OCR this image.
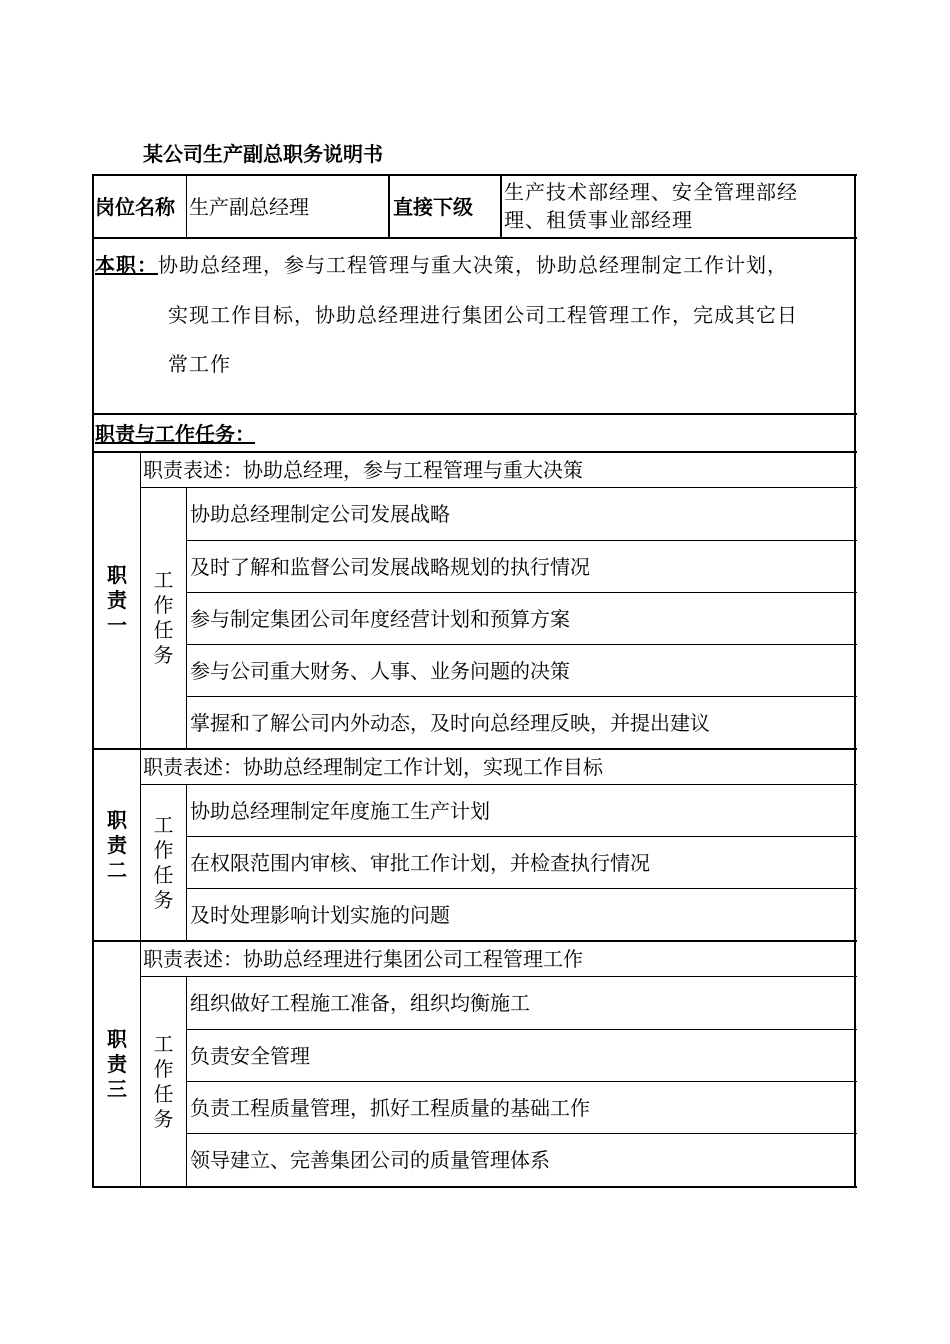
某公司生产副总职务说明书
岗位名称 生产副总经理	直接下级
生产技术部经理、安全管理部经
理、租赁事业部经理
本职：协助总经理，参与工程管理与重大决策，协助总经理制定工作计划，
实现工作目标，协助总经理进行集团公司工程管理工作，完成其它日
常工作
职责与工作任务：
职
责
一
职责表述：协助总经理，参与工程管理与重大决策
工
作
任
务
协助总经理制定公司发展战略
及时了解和监督公司发展战略规划的执行情况
参与制定集团公司年度经营计划和预算方案
参与公司重大财务、人事、业务问题的决策
掌握和了解公司内外动态，及时向总经理反映，并提出建议
职
责
二
职责表述：协助总经理制定工作计划，实现工作目标
工
作
任
务
协助总经理制定年度施工生产计划
在权限范围内审核、审批工作计划，并检查执行情况
及时处理影响计划实施的问题
职
责
三
职责表述：协助总经理进行集团公司工程管理工作
工
作
任
务
组织做好工程施工准备，组织均衡施工
负责安全管理
负责工程质量管理，抓好工程质量的基础工作
领导建立、完善集团公司的质量管理体系
